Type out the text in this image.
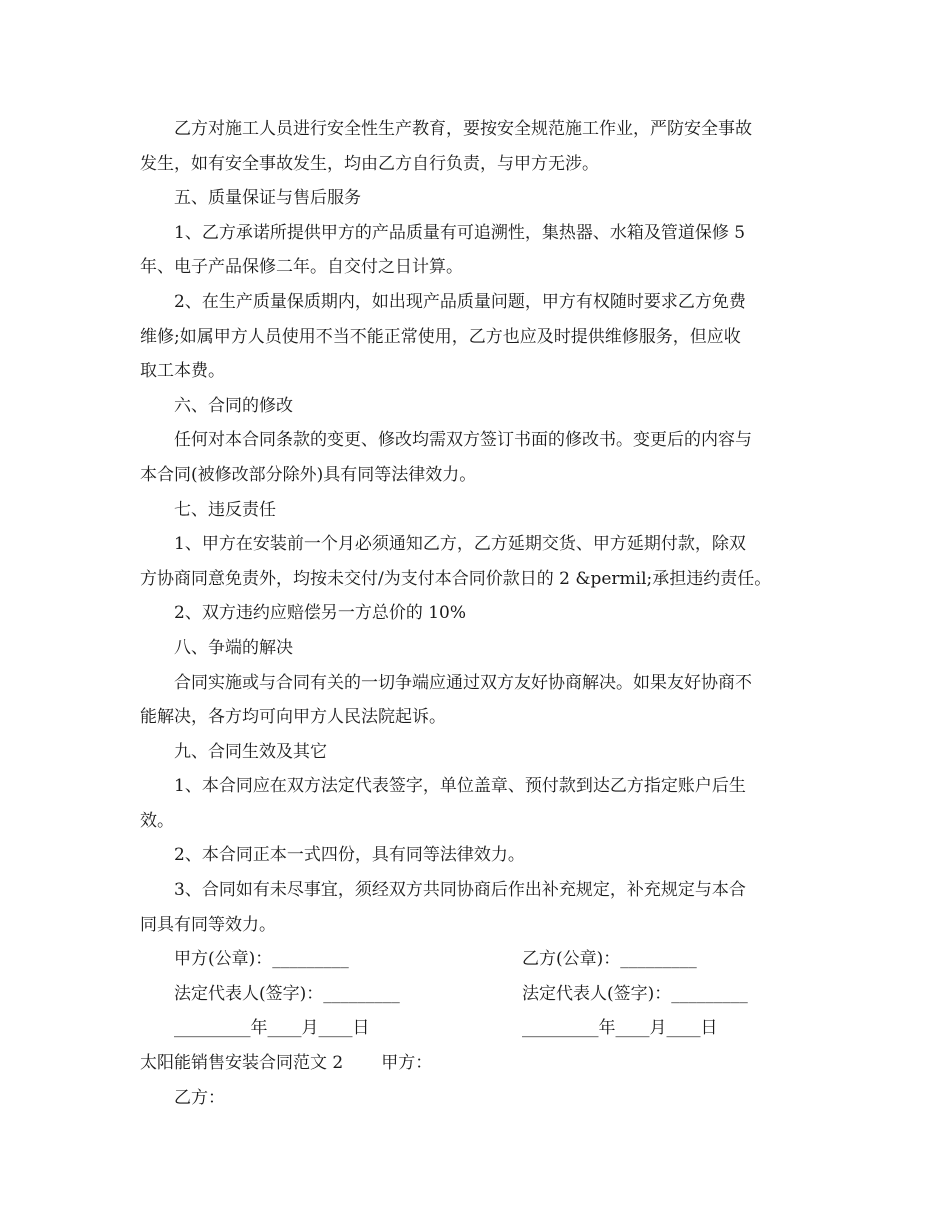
乙方对施工人员进行安全性生产教育，要按安全规范施工作业，严防安全事故
发生，如有安全事故发生，均由乙方自行负责，与甲方无涉。
五、质量保证与售后服务
1、乙方承诺所提供甲方的产品质量有可追溯性，集热器、水箱及管道保修 5
年、电子产品保修二年。自交付之日计算。
2、在生产质量保质期内，如出现产品质量问题，甲方有权随时要求乙方免费
维修;如属甲方人员使用不当不能正常使用，乙方也应及时提供维修服务，但应收
取工本费。
六、合同的修改
任何对本合同条款的变更、修改均需双方签订书面的修改书。变更后的内容与
本合同(被修改部分除外)具有同等法律效力。
七、违反责任
1、甲方在安装前一个月必须通知乙方，乙方延期交货、甲方延期付款，除双
方协商同意免责外，均按未交付/为支付本合同价款日的 2 &permil;承担违约责任。
2、双方违约应赔偿另一方总价的 10%
八、争端的解决
合同实施或与合同有关的一切争端应通过双方友好协商解决。如果友好协商不
能解决，各方均可向甲方人民法院起诉。
九、合同生效及其它
1、本合同应在双方法定代表签字，单位盖章、预付款到达乙方指定账户后生
效。
2、本合同正本一式四份，具有同等法律效力。
3、合同如有未尽事宜，须经双方共同协商后作出补充规定，补充规定与本合
同具有同等效力。
甲方(公章)：_________	乙方(公章)：_________
法定代表人(签字)：_________	法定代表人(签字)：_________
_________年____月____日	_________年____月____日
太阳能销售安装合同范文 2 甲方：
乙方：
